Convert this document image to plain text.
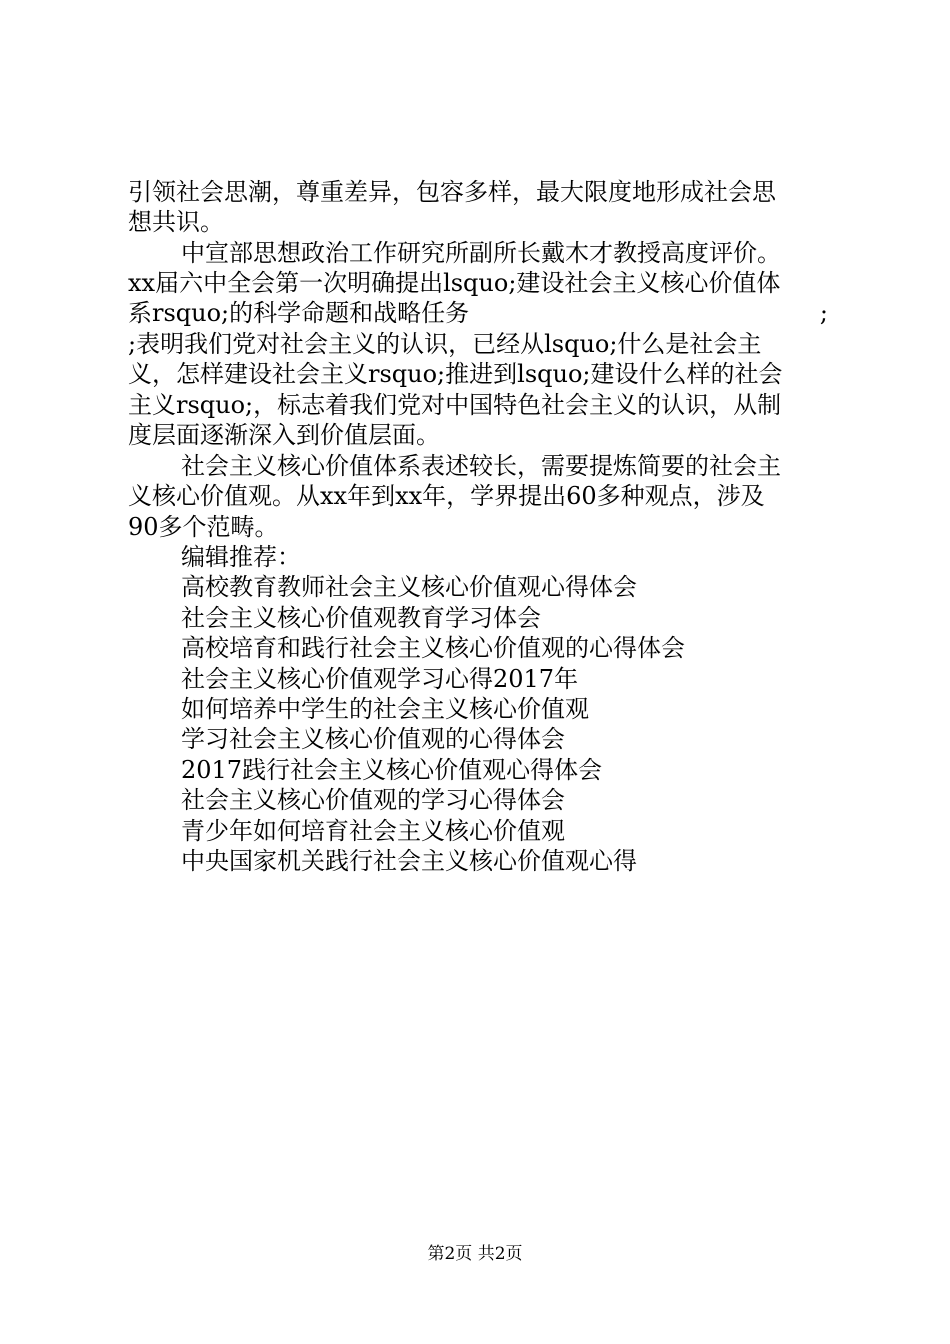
引领社会思潮，尊重差异，包容多样，最大限度地形成社会思
想共识。
中宣部思想政治工作研究所副所长戴木才教授高度评价。
xx届六中全会第一次明确提出lsquo;建设社会主义核心价值体
系rsquo;的科学命题和战略任务	;
;表明我们党对社会主义的认识，已经从lsquo;什么是社会主
义，怎样建设社会主义rsquo;推进到lsquo;建设什么样的社会
主义rsquo;，标志着我们党对中国特色社会主义的认识，从制
度层面逐渐深入到价值层面。
社会主义核心价值体系表述较长，需要提炼简要的社会主
义核心价值观。从xx年到xx年，学界提出60多种观点，涉及
90多个范畴。
编辑推荐：
高校教育教师社会主义核心价值观心得体会
社会主义核心价值观教育学习体会
高校培育和践行社会主义核心价值观的心得体会
社会主义核心价值观学习心得2017年
如何培养中学生的社会主义核心价值观
学习社会主义核心价值观的心得体会
2017践行社会主义核心价值观心得体会
社会主义核心价值观的学习心得体会
青少年如何培育社会主义核心价值观
中央国家机关践行社会主义核心价值观心得
第2页 共2页
